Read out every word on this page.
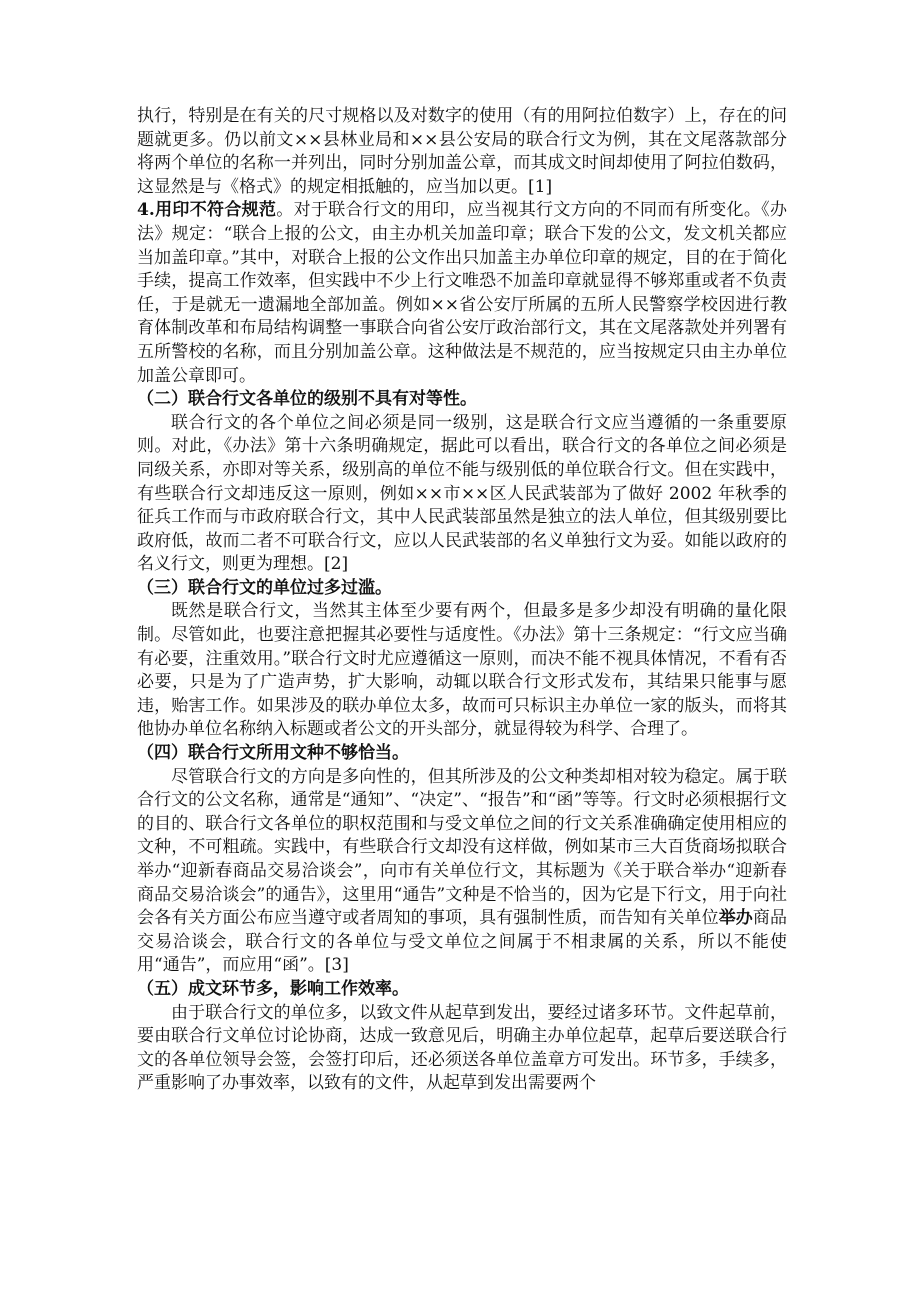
执行，特别是在有关的尺寸规格以及对数字的使用（有的用阿拉伯数字）上，存在的问题就更多。仍以前文××县林业局和××县公安局的联合行文为例，其在文尾落款部分将两个单位的名称一并列出，同时分别加盖公章，而其成文时间却使用了阿拉伯数码，这显然是与《格式》的规定相抵触的，应当加以更。[1]

4.用印不符合规范。对于联合行文的用印，应当视其行文方向的不同而有所变化。《办法》规定：“联合上报的公文，由主办机关加盖印章；联合下发的公文，发文机关都应当加盖印章。”其中，对联合上报的公文作出只加盖主办单位印章的规定，目的在于简化手续，提高工作效率，但实践中不少上行文唯恐不加盖印章就显得不够郑重或者不负责任，于是就无一遗漏地全部加盖。例如××省公安厅所属的五所人民警察学校因进行教育体制改革和布局结构调整一事联合向省公安厅政治部行文，其在文尾落款处并列署有五所警校的名称，而且分别加盖公章。这种做法是不规范的，应当按规定只由主办单位加盖公章即可。

（二）联合行文各单位的级别不具有对等性。

联合行文的各个单位之间必须是同一级别，这是联合行文应当遵循的一条重要原则。对此，《办法》第十六条明确规定，据此可以看出，联合行文的各单位之间必须是同级关系，亦即对等关系，级别高的单位不能与级别低的单位联合行文。但在实践中，有些联合行文却违反这一原则，例如××市××区人民武装部为了做好 2002 年秋季的征兵工作而与市政府联合行文，其中人民武装部虽然是独立的法人单位，但其级别要比政府低，故而二者不可联合行文，应以人民武装部的名义单独行文为妥。如能以政府的名义行文，则更为理想。[2]

（三）联合行文的单位过多过滥。

既然是联合行文，当然其主体至少要有两个，但最多是多少却没有明确的量化限制。尽管如此，也要注意把握其必要性与适度性。《办法》第十三条规定：“行文应当确有必要，注重效用。”联合行文时尤应遵循这一原则，而决不能不视具体情况，不看有否必要，只是为了广造声势，扩大影响，动辄以联合行文形式发布，其结果只能事与愿违，贻害工作。如果涉及的联办单位太多，故而可只标识主办单位一家的版头，而将其他协办单位名称纳入标题或者公文的开头部分，就显得较为科学、合理了。

（四）联合行文所用文种不够恰当。

尽管联合行文的方向是多向性的，但其所涉及的公文种类却相对较为稳定。属于联合行文的公文名称，通常是“通知”、“决定”、“报告”和“函”等等。行文时必须根据行文的目的、联合行文各单位的职权范围和与受文单位之间的行文关系准确确定使用相应的文种，不可粗疏。实践中，有些联合行文却没有这样做，例如某市三大百货商场拟联合举办“迎新春商品交易洽谈会”，向市有关单位行文，其标题为《关于联合举办“迎新春商品交易洽谈会”的通告》，这里用“通告”文种是不恰当的，因为它是下行文，用于向社会各有关方面公布应当遵守或者周知的事项，具有强制性质，而告知有关单位举办商品交易洽谈会，联合行文的各单位与受文单位之间属于不相隶属的关系，所以不能使用“通告”，而应用“函”。[3]

（五）成文环节多，影响工作效率。

由于联合行文的单位多，以致文件从起草到发出，要经过诸多环节。文件起草前，要由联合行文单位讨论协商，达成一致意见后，明确主办单位起草，起草后要送联合行文的各单位领导会签，会签打印后，还必须送各单位盖章方可发出。环节多，手续多，严重影响了办事效率，以致有的文件，从起草到发出需要两个
